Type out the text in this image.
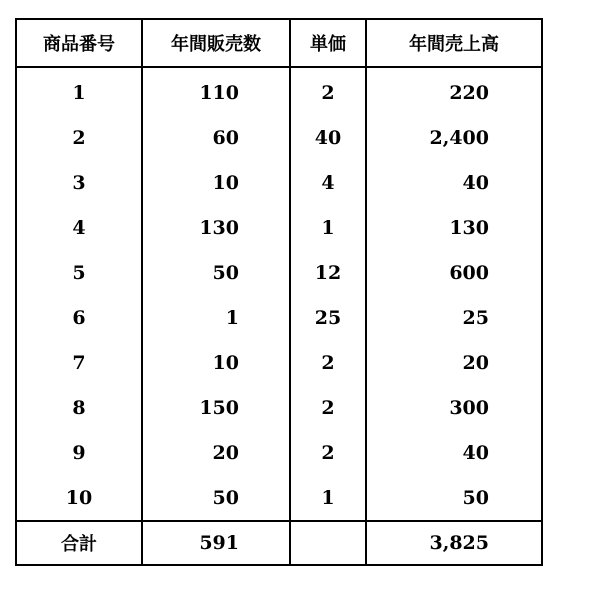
商品番号	年間販売数	単価	年間売上高
1	110	2	220
2	60	40	2,400
3	10	4	40
4	130	1	130
5	50	12	600
6	1	25	25
7	10	2	20
8	150	2	300
9	20	2	40
10	50	1	50
合計	591		3,825
